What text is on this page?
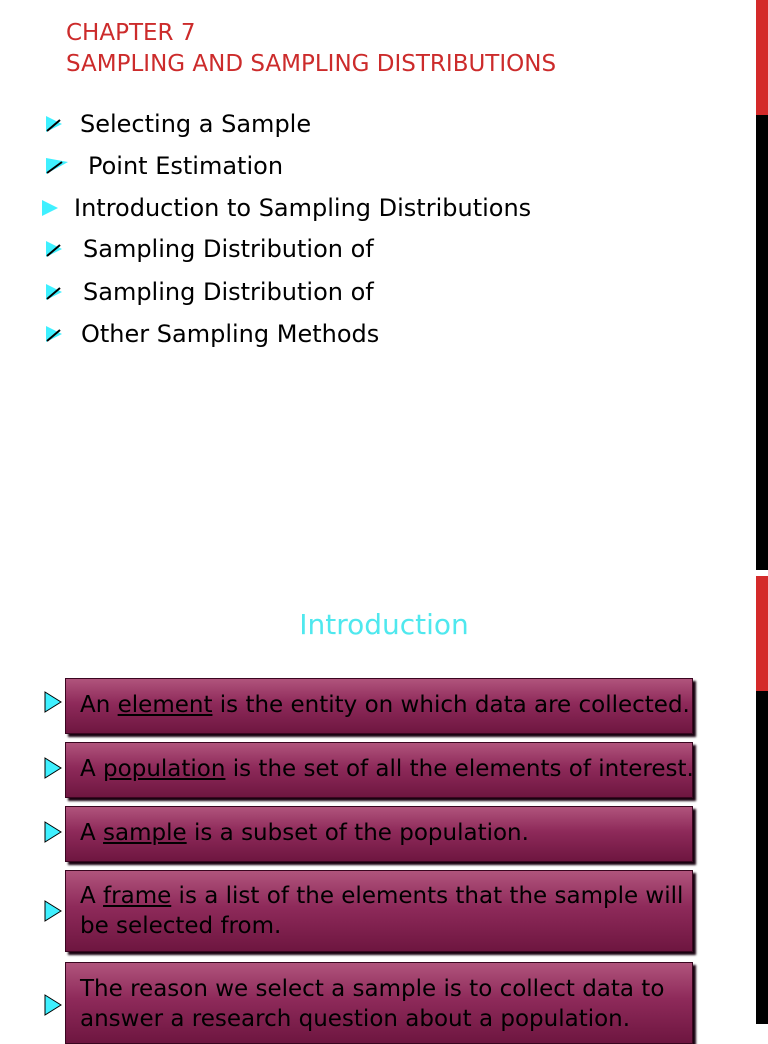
CHAPTER 7
SAMPLING AND SAMPLING DISTRIBUTIONS
Selecting a Sample
Point Estimation
Introduction to Sampling Distributions
Sampling Distribution of
Sampling Distribution of
Other Sampling Methods
Introduction
An element is the entity on which data are collected.
A population is the set of all the elements of interest.
A sample is a subset of the population.
A frame is a list of the elements that the sample will
be selected from.
The reason we select a sample is to collect data to
answer a research question about a population.
